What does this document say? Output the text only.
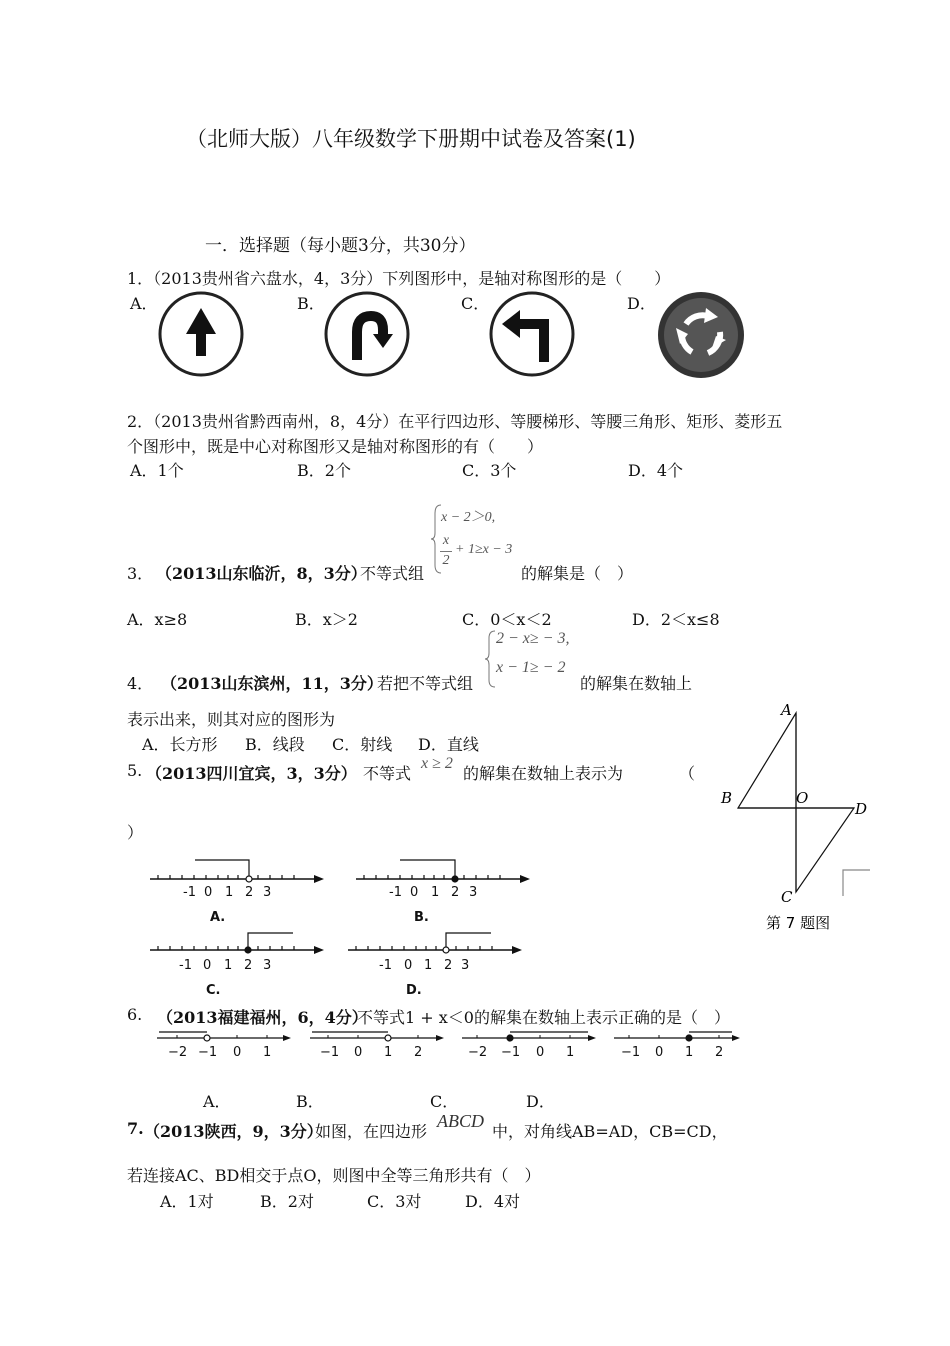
（北师大版）八年级数学下册期中试卷及答案(1)
一．选择题（每小题3分，共30分）
1．（2013贵州省六盘水，4，3分）下列图形中，是轴对称图形的是（　　）
A．	B．	C．	D．
2．（2013贵州省黔西南州，8，4分）在平行四边形、等腰梯形、等腰三角形、矩形、菱形五
个图形中，既是中心对称图形又是轴对称图形的有（　　）
A．1个	B．2个	C．3个	D．4个
3． （2013山东临沂，8，3分）
不等式组
x − 2＞0,
x
2
+ 1≥x − 3
的解集是（　）
A．x≥8	B．x＞2	C．0＜x＜2	D．2＜x≤8
4． （2013山东滨州，11，3分）
若把不等式组
2 − x≥ − 3,
x − 1≥ − 2
的解集在数轴上
表示出来，则其对应的图形为
A．长方形 B．线段 C．射线 D．直线
5. （2013四川宜宾，3，3分） 不等式
x ≥ 2
的解集在数轴上表示为	（
）
-1 0 1 2 3
A.
-1 0 1 2 3
B.
-1 0 1 2 3
C.
-1 0 1 2 3
D.
A
B	O
D
C
第 7 题图
6. （2013福建福州，6，4分）
不等式1 + x＜0的解集在数轴上表示正确的是（　）
−2 −1 0 1	−1 0 1 2	−2 −1 0 1	−1 0 1 2
A．	B．	C．	D．
7. （2013陕西，9，3分）
如图，在四边形
ABCD
中，对角线AB=AD，CB=CD，
若连接AC、BD相交于点O，则图中全等三角形共有（　）
A．1对	B．2对	C．3对	D．4对
